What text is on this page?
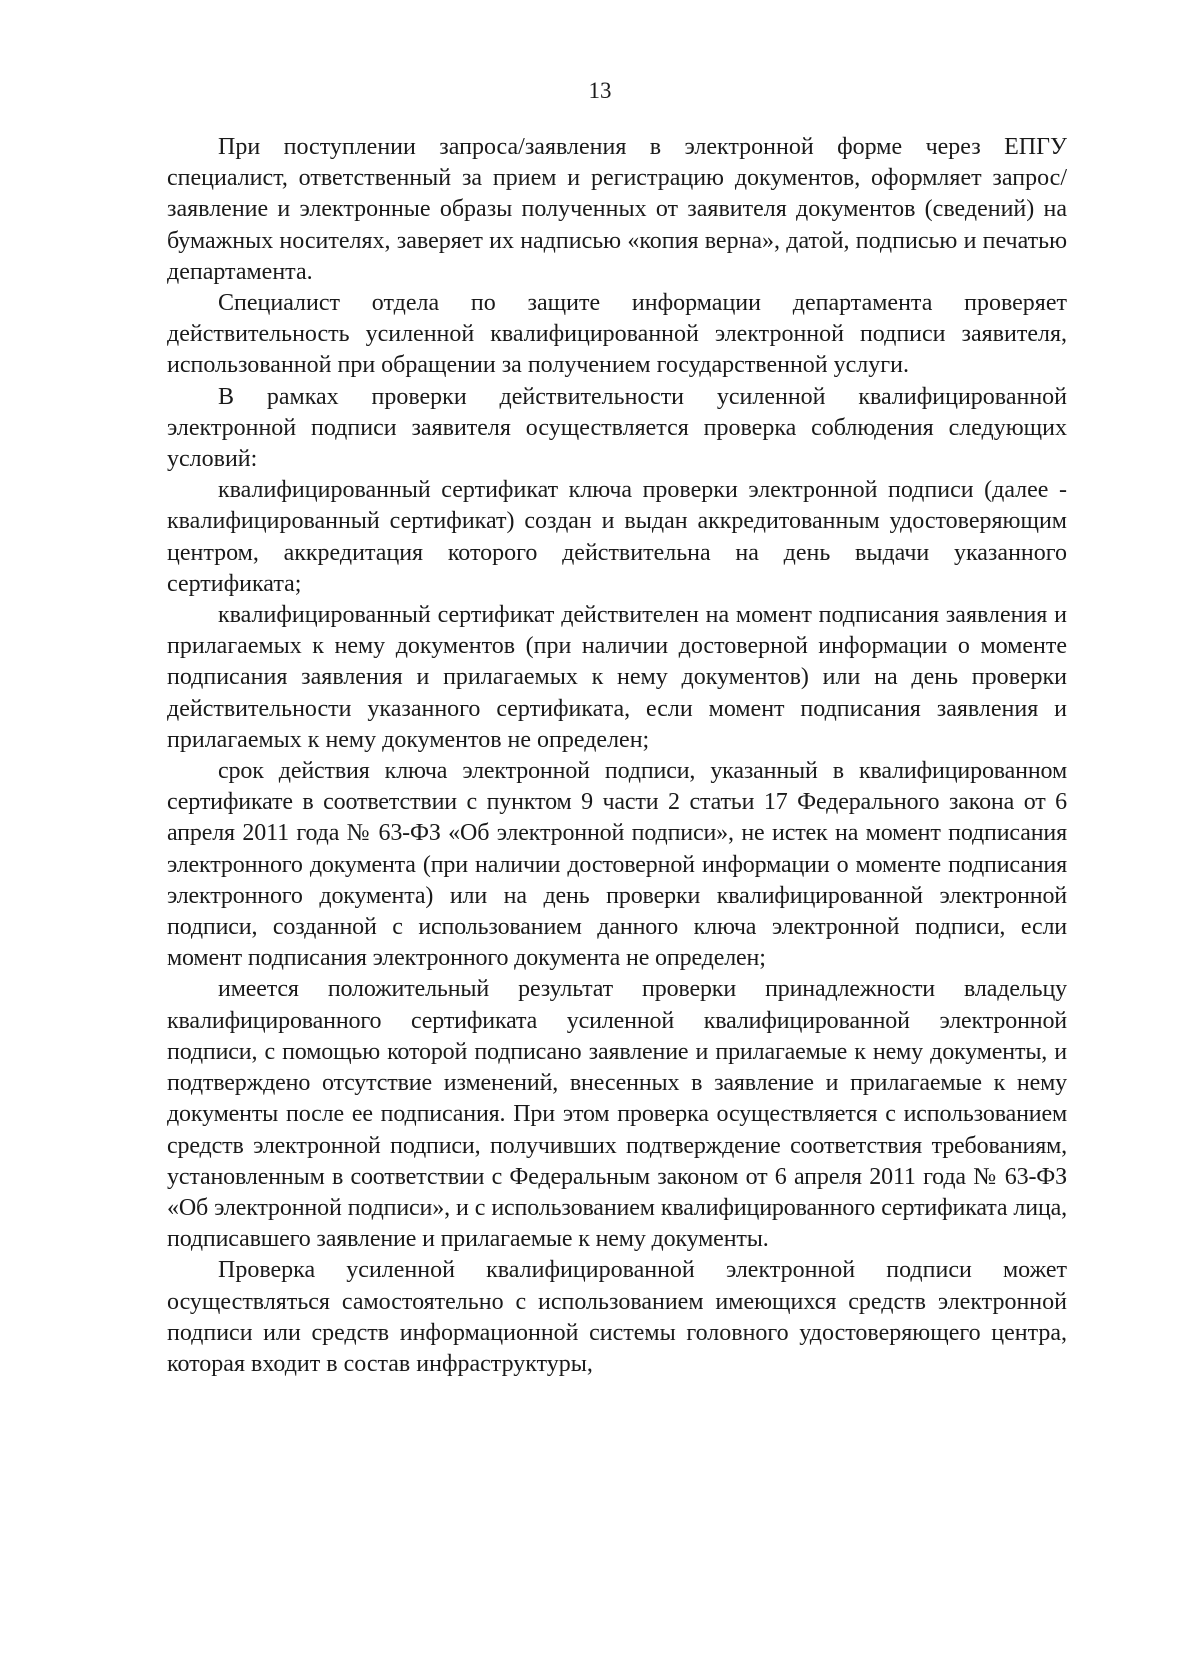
13

При поступлении запроса/заявления в электронной форме через ЕПГУ специалист, ответственный за прием и регистрацию документов, оформляет запрос/заявление и электронные образы полученных от заявителя документов (сведений) на бумажных носителях, заверяет их надписью «копия верна», датой, подписью и печатью департамента.

Специалист отдела по защите информации департамента проверяет действительность усиленной квалифицированной электронной подписи заявителя, использованной при обращении за получением государственной услуги.

В рамках проверки действительности усиленной квалифицированной электронной подписи заявителя осуществляется проверка соблюдения следующих условий:

квалифицированный сертификат ключа проверки электронной подписи (далее - квалифицированный сертификат) создан и выдан аккредитованным удостоверяющим центром, аккредитация которого действительна на день выдачи указанного сертификата;

квалифицированный сертификат действителен на момент подписания заявления и прилагаемых к нему документов (при наличии достоверной информации о моменте подписания заявления и прилагаемых к нему документов) или на день проверки действительности указанного сертификата, если момент подписания заявления и прилагаемых к нему документов не определен;

срок действия ключа электронной подписи, указанный в квалифицированном сертификате в соответствии с пунктом 9 части 2 статьи 17 Федерального закона от 6 апреля 2011 года № 63-ФЗ «Об электронной подписи», не истек на момент подписания электронного документа (при наличии достоверной информации о моменте подписания электронного документа) или на день проверки квалифицированной электронной подписи, созданной с использованием данного ключа электронной подписи, если момент подписания электронного документа не определен;

имеется положительный результат проверки принадлежности владельцу квалифицированного сертификата усиленной квалифицированной электронной подписи, с помощью которой подписано заявление и прилагаемые к нему документы, и подтверждено отсутствие изменений, внесенных в заявление и прилагаемые к нему документы после ее подписания. При этом проверка осуществляется с использованием средств электронной подписи, получивших подтверждение соответствия требованиям, установленным в соответствии с Федеральным законом от 6 апреля 2011 года № 63-ФЗ «Об электронной подписи», и с использованием квалифицированного сертификата лица, подписавшего заявление и прилагаемые к нему документы.

Проверка усиленной квалифицированной электронной подписи может осуществляться самостоятельно с использованием имеющихся средств электронной подписи или средств информационной системы головного удостоверяющего центра, которая входит в состав инфраструктуры,
